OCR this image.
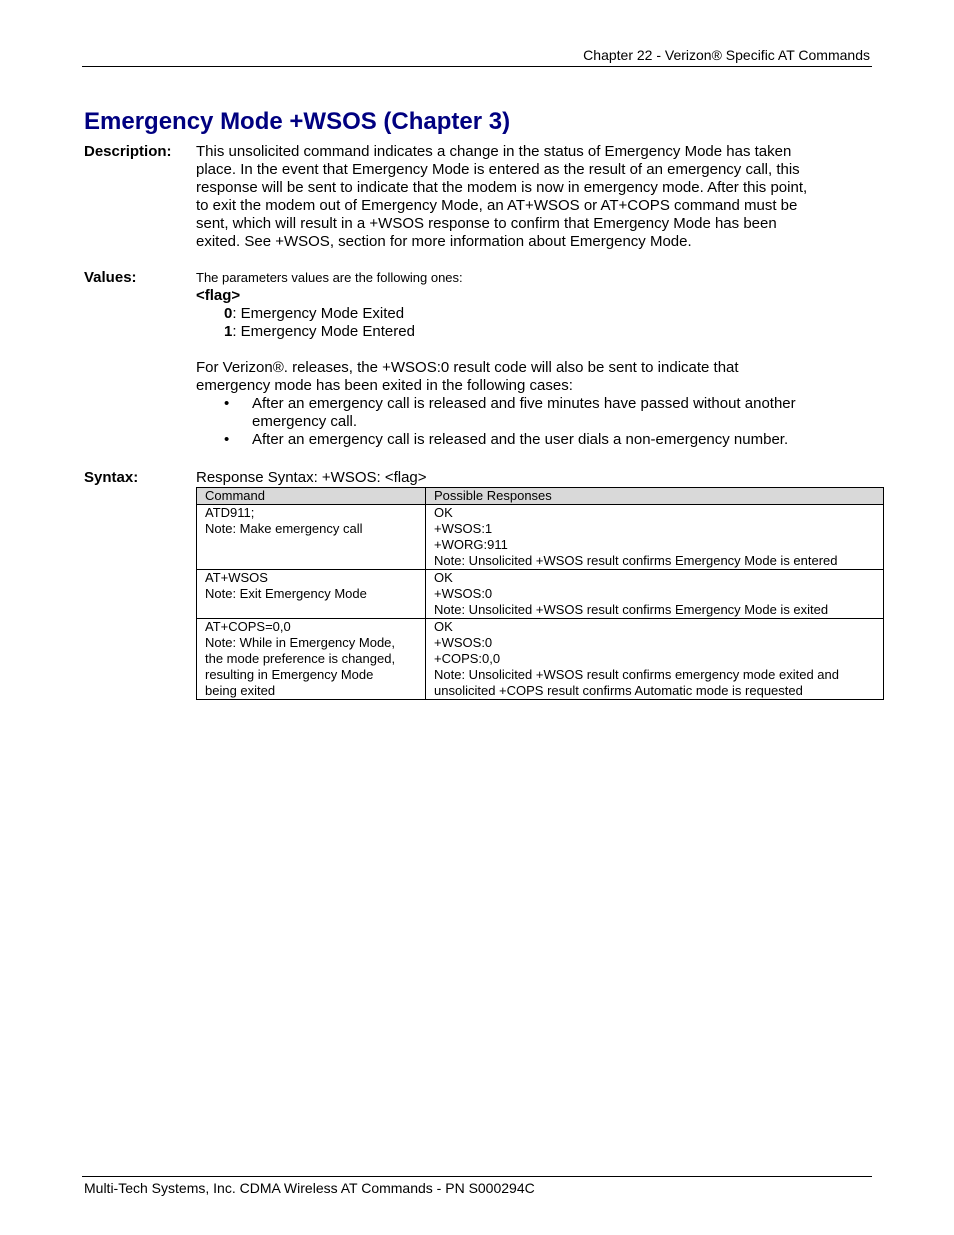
Chapter 22 - Verizon® Specific AT Commands
Emergency Mode +WSOS (Chapter 3)
Description: This unsolicited command indicates a change in the status of Emergency Mode has taken
place. In the event that Emergency Mode is entered as the result of an emergency call, this
response will be sent to indicate that the modem is now in emergency mode. After this point,
to exit the modem out of Emergency Mode, an AT+WSOS or AT+COPS command must be
sent, which will result in a +WSOS response to confirm that Emergency Mode has been
exited. See +WSOS, section for more information about Emergency Mode.
Values:	The parameters values are the following ones:
<flag>
0: Emergency Mode Exited
1: Emergency Mode Entered
For Verizon®. releases, the +WSOS:0 result code will also be sent to indicate that
emergency mode has been exited in the following cases:
• After an emergency call is released and five minutes have passed without another
emergency call.
• After an emergency call is released and the user dials a non-emergency number.
Syntax:	Response Syntax: +WSOS: <flag>
Command	Possible Responses

ATD911;
Note: Make emergency call	OK
+WSOS:1
+WORG:911
Note: Unsolicited +WSOS result confirms Emergency Mode is entered

AT+WSOS
Note: Exit Emergency Mode	OK
+WSOS:0
Note: Unsolicited +WSOS result confirms Emergency Mode is exited

AT+COPS=0,0
Note: While in Emergency Mode,
the mode preference is changed,
resulting in Emergency Mode
being exited	OK
+WSOS:0
+COPS:0,0
Note: Unsolicited +WSOS result confirms emergency mode exited and
unsolicited +COPS result confirms Automatic mode is requested
Multi-Tech Systems, Inc. CDMA Wireless AT Commands - PN S000294C
